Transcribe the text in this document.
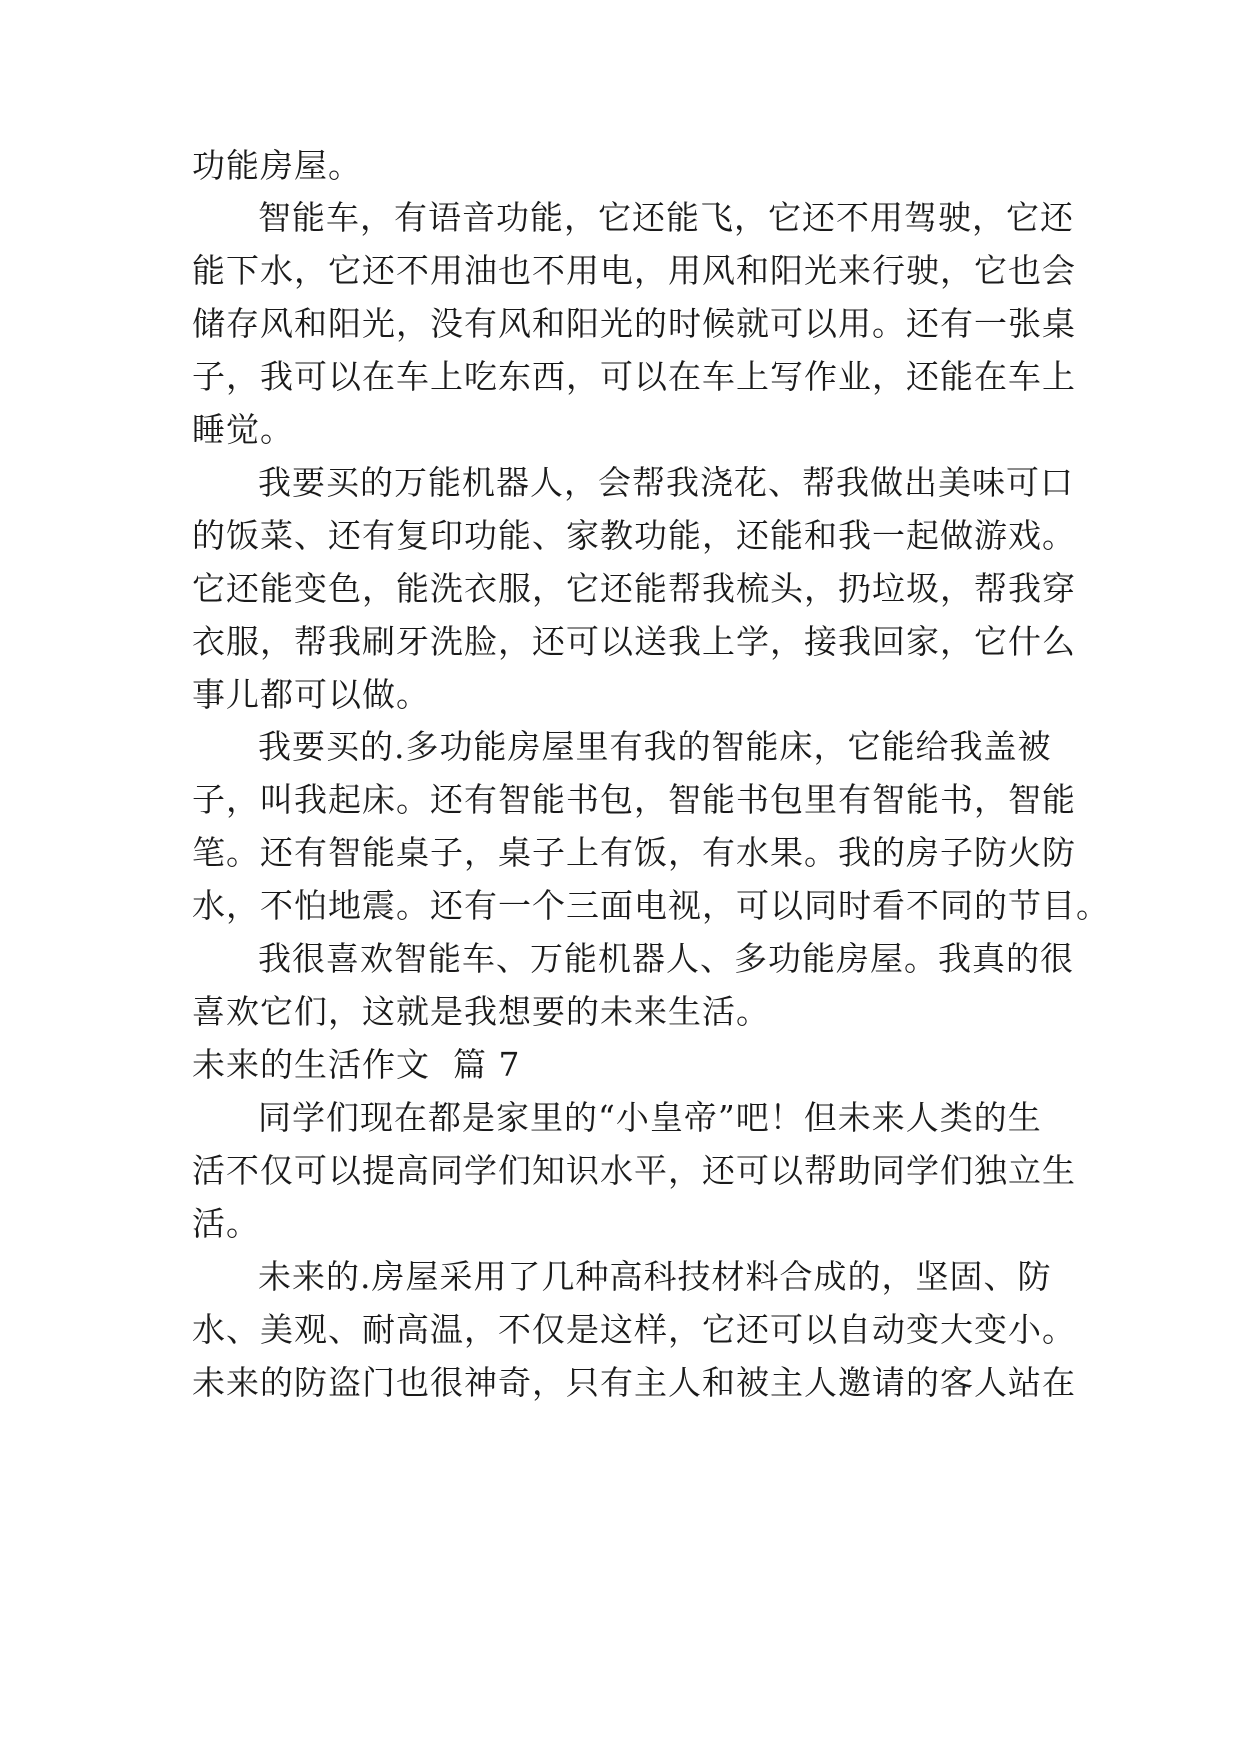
功能房屋。
智能车，有语音功能，它还能飞，它还不用驾驶，它还
能下水，它还不用油也不用电，用风和阳光来行驶，它也会
储存风和阳光，没有风和阳光的时候就可以用。还有一张桌
子，我可以在车上吃东西，可以在车上写作业，还能在车上
睡觉。
我要买的万能机器人，会帮我浇花、帮我做出美味可口
的饭菜、还有复印功能、家教功能，还能和我一起做游戏。
它还能变色，能洗衣服，它还能帮我梳头，扔垃圾，帮我穿
衣服，帮我刷牙洗脸，还可以送我上学，接我回家，它什么
事儿都可以做。
我要买的.多功能房屋里有我的智能床，它能给我盖被
子，叫我起床。还有智能书包，智能书包里有智能书，智能
笔。还有智能桌子，桌子上有饭，有水果。我的房子防火防
水，不怕地震。还有一个三面电视，可以同时看不同的节目。
我很喜欢智能车、万能机器人、多功能房屋。我真的很
喜欢它们，这就是我想要的未来生活。
未来的生活作文  篇 7
同学们现在都是家里的“小皇帝”吧！但未来人类的生
活不仅可以提高同学们知识水平，还可以帮助同学们独立生
活。
未来的.房屋采用了几种高科技材料合成的，坚固、防
水、美观、耐高温，不仅是这样，它还可以自动变大变小。
未来的防盗门也很神奇，只有主人和被主人邀请的客人站在
